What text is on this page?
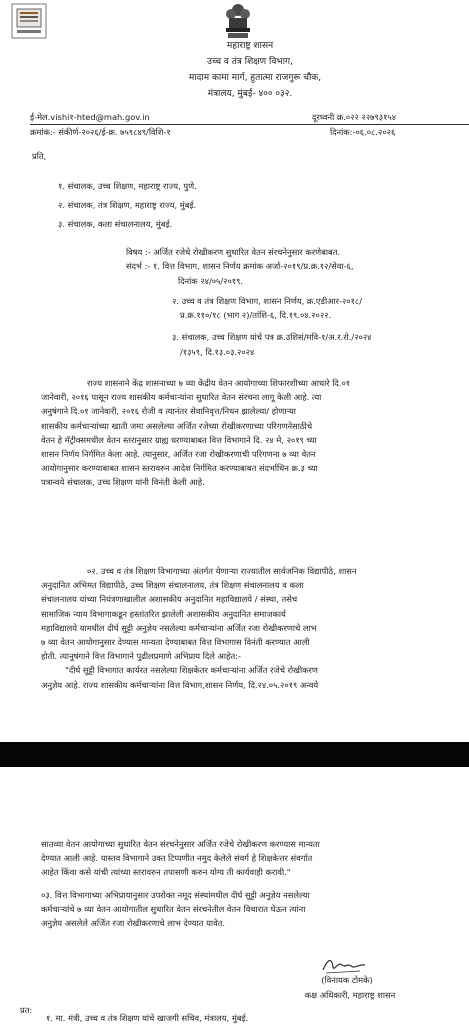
महाराष्ट्र शासन
उच्च व तंत्र शिक्षण विभाग,
मादाम कामा मार्ग, हुतात्मा राजगुरू चौक,
मंत्रालय, मुंबई- ४०० ०३२.
ई-मेल.vishi१-hted@mah.gov.in	दूरध्वनी क्र.०२२ २२७९३१५४
क्रमांक:- संकीर्ण-२०२६/ई-क्र. ७५९८४९/विशि-१	दिनांक:-०६.०८.२०२६
प्रति,
१. संचालक, उच्च शिक्षण, महाराष्ट्र राज्य, पुणे.
२. संचालक, तंत्र शिक्षण, महाराष्ट्र राज्य, मुंबई.
३. संचालक, कला संचालनालय, मुंबई.
विषय :- अर्जित रजेचे रोखीकरण सुधारित वेतन संरचनेनुसार करणेबाबत.
संदर्भ :- १. वित्त विभाग, शासन निर्णय क्रमांक अर्जा-२०१९/प्र.क्र.१२/सेवा-६,
दिनांक २४/०५/२०१९.
२. उच्च व तंत्र शिक्षण विभाग, शासन निर्णय, क्र.एडीआर-२०१८/
प्र.क्र.११०/१८ (भाग २)/तांशि-६, दि.१९.०४.२०२२.
३. संचालक, उच्च शिक्षण यांचे पत्र क्र.उशिसं/मवि-१/अ.र.रो./२०२४
/१३५९, दि.१३.०३.२०२४
राज्य शासनाने केंद्र शासनाच्या ७ व्या केंद्रीय वेतन आयोगाच्या शिफारशीच्या आधारे दि.०१
जानेवारी, २०१६ पासून राज्य शासकीय कर्मचाऱ्यांना सुधारित वेतन संरचना लागू केली आहे. त्या
अनुषंगाने दि.०१ जानेवारी, २०१६ रोजी व त्यानंतर सेवानिवृत्त/निधन झालेल्या/ होणाऱ्या
शासकीय कर्मचाऱ्यांच्या खाती जमा असलेल्या अर्जित रजेच्या रोखीकरणाच्या परिगणनेसाठीचे
वेतन हे मॅट्रीक्समधील वेतन स्तरानुसार ग्राह्य धरण्याबाबत वित्त विभागाने दि. २४ मे, २०१९ च्या
शासन निर्णय निर्गमित केला आहे. त्यानुसार, अर्जित रजा रोखीकरणाची परिगणना ७ व्या वेतन
आयोगानुसार करण्याबाबत शासन स्तरावरुन आदेश निर्गमित करण्याबाबत संदर्भाधिन क्र.३ च्या
पत्रान्वये संचालक, उच्च शिक्षण यांनी विनंती केली आहे.
०२. उच्च व तंत्र शिक्षण विभागाच्या अंतर्गत येणाऱ्या राज्यातील सार्वजनिक विद्यापीठे, शासन
अनुदानित अभिमत विद्यापीठे, उच्च शिक्षण संचालनालय, तंत्र शिक्षण संचालनालय व कला
संचालनालय यांच्या नियंत्रणाखालील अशासकीय अनुदानित महाविद्यालये / संस्था, तसेच
सामाजिक न्याय विभागाकडून हस्तांतरित झालेली अशासकीय अनुदानित समाजकार्य
महाविद्यालये यामधील दीर्घ सुट्टी अनुज्ञेय नसलेल्या कर्मचाऱ्यांना अर्जित रजा रोखीकरणाचे लाभ
७ व्या वेतन आयोगानुसार देण्यास मान्यता देण्याबाबत वित्त विभागास विनंती करण्यात आली
होती. त्यानुषंगाने वित्त विभागाने पुढीलप्रमाणे अभिप्राय दिले आहेत:-
"दीर्घ सुट्टी विभागात कार्यरत नसलेल्या शिक्षकेतर कर्मचाऱ्यांना अर्जित रजेचे रोखीकरण
अनुज्ञेय आहे. राज्य शासकीय कर्मचाऱ्यांना वित्त विभाग,शासन निर्णय, दि.२४.०५.२०१९ अन्वये
सातव्या वेतन आयोगाच्या सुधारित वेतन संरचनेनुसार अर्जित रजेचे रोखीकरण करण्यास मान्यता
देण्यात आली आहे. यास्तव विभागाने उक्त टिप्पणीत नमुद केलेले संवर्ग हे शिक्षकेत्तर संवर्गात
आहेत किंवा कसे यांची त्यांच्या स्तरावरुन तपासणी करुन योग्य ती कार्यवाही करावी."
०३. वित्त विभागाच्या अभिप्रायानुसार उपरोक्त नमूद संस्थांमधील दीर्घ सुट्टी अनुज्ञेय नसलेल्या
कर्मचाऱ्यांचे ७ व्या वेतन आयोगातील सुधारित वेतन संरचनेतील वेतन विचारात घेऊन त्यांना
अनुज्ञेय असलेले अर्जित रजा रोखीकरणाचे लाभ देण्यात यावेत.
(विनायक टोमके)
कक्ष अधिकारी, महाराष्ट्र शासन
प्रत:
१. मा. मंत्री, उच्च व तंत्र शिक्षण यांचे खाजगी सचिव, मंत्रालय, मुंबई.
